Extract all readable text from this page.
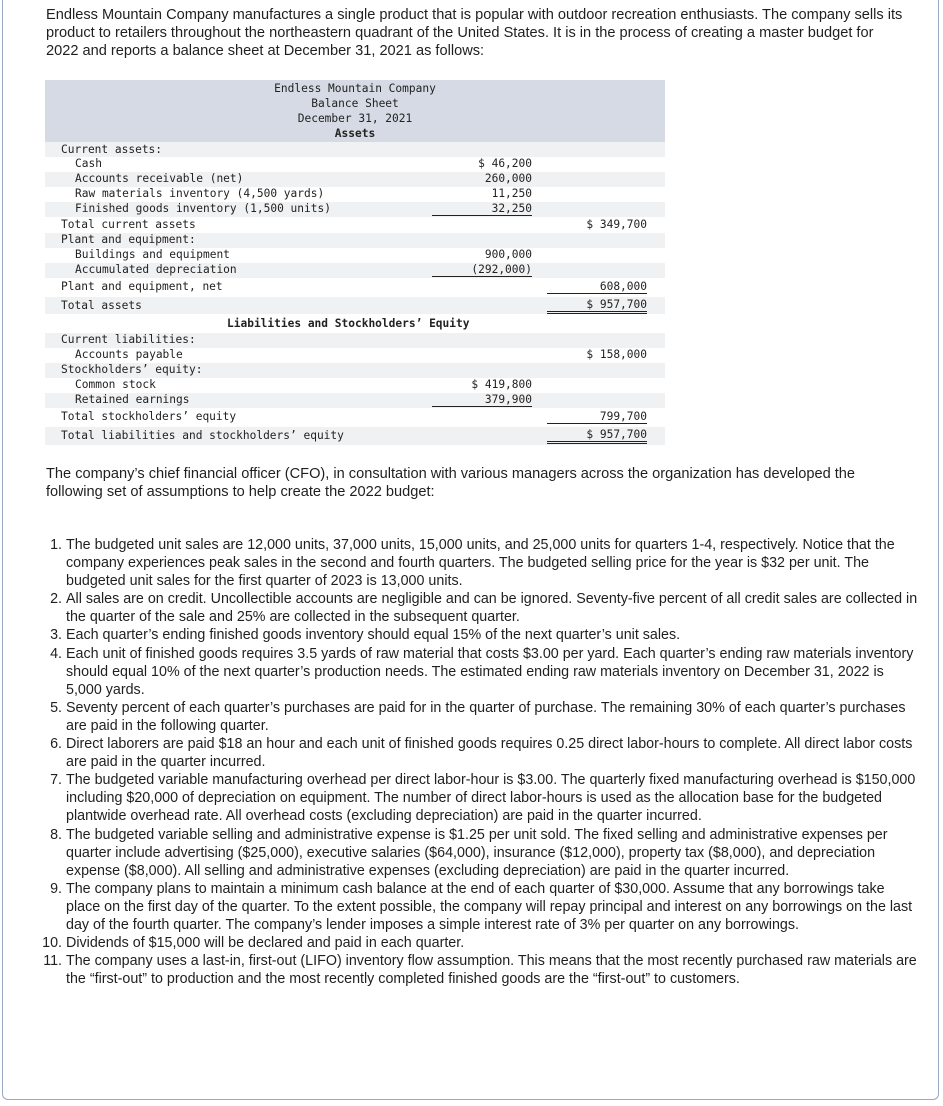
Endless Mountain Company manufactures a single product that is popular with outdoor recreation enthusiasts. The company sells its product to retailers throughout the northeastern quadrant of the United States. It is in the process of creating a master budget for 2022 and reports a balance sheet at December 31, 2021 as follows:

Endless Mountain Company
Balance Sheet
December 31, 2021
Assets
Current assets:
Cash	$ 46,200
Accounts receivable (net)	260,000
Raw materials inventory (4,500 yards)	11,250
Finished goods inventory (1,500 units)	32,250
Total current assets	$ 349,700
Plant and equipment:
Buildings and equipment	900,000
Accumulated depreciation	(292,000)
Plant and equipment, net	608,000
Total assets	$ 957,700
Liabilities and Stockholders’ Equity
Current liabilities:
Accounts payable	$ 158,000
Stockholders’ equity:
Common stock	$ 419,800
Retained earnings	379,900
Total stockholders’ equity	799,700
Total liabilities and stockholders’ equity	$ 957,700

The company’s chief financial officer (CFO), in consultation with various managers across the organization has developed the following set of assumptions to help create the 2022 budget:

1. The budgeted unit sales are 12,000 units, 37,000 units, 15,000 units, and 25,000 units for quarters 1-4, respectively. Notice that the company experiences peak sales in the second and fourth quarters. The budgeted selling price for the year is $32 per unit. The budgeted unit sales for the first quarter of 2023 is 13,000 units.
2. All sales are on credit. Uncollectible accounts are negligible and can be ignored. Seventy-five percent of all credit sales are collected in the quarter of the sale and 25% are collected in the subsequent quarter.
3. Each quarter’s ending finished goods inventory should equal 15% of the next quarter’s unit sales.
4. Each unit of finished goods requires 3.5 yards of raw material that costs $3.00 per yard. Each quarter’s ending raw materials inventory should equal 10% of the next quarter’s production needs. The estimated ending raw materials inventory on December 31, 2022 is 5,000 yards.
5. Seventy percent of each quarter’s purchases are paid for in the quarter of purchase. The remaining 30% of each quarter’s purchases are paid in the following quarter.
6. Direct laborers are paid $18 an hour and each unit of finished goods requires 0.25 direct labor-hours to complete. All direct labor costs are paid in the quarter incurred.
7. The budgeted variable manufacturing overhead per direct labor-hour is $3.00. The quarterly fixed manufacturing overhead is $150,000 including $20,000 of depreciation on equipment. The number of direct labor-hours is used as the allocation base for the budgeted plantwide overhead rate. All overhead costs (excluding depreciation) are paid in the quarter incurred.
8. The budgeted variable selling and administrative expense is $1.25 per unit sold. The fixed selling and administrative expenses per quarter include advertising ($25,000), executive salaries ($64,000), insurance ($12,000), property tax ($8,000), and depreciation expense ($8,000). All selling and administrative expenses (excluding depreciation) are paid in the quarter incurred.
9. The company plans to maintain a minimum cash balance at the end of each quarter of $30,000. Assume that any borrowings take place on the first day of the quarter. To the extent possible, the company will repay principal and interest on any borrowings on the last day of the fourth quarter. The company’s lender imposes a simple interest rate of 3% per quarter on any borrowings.
10. Dividends of $15,000 will be declared and paid in each quarter.
11. The company uses a last-in, first-out (LIFO) inventory flow assumption. This means that the most recently purchased raw materials are the “first-out” to production and the most recently completed finished goods are the “first-out” to customers.
